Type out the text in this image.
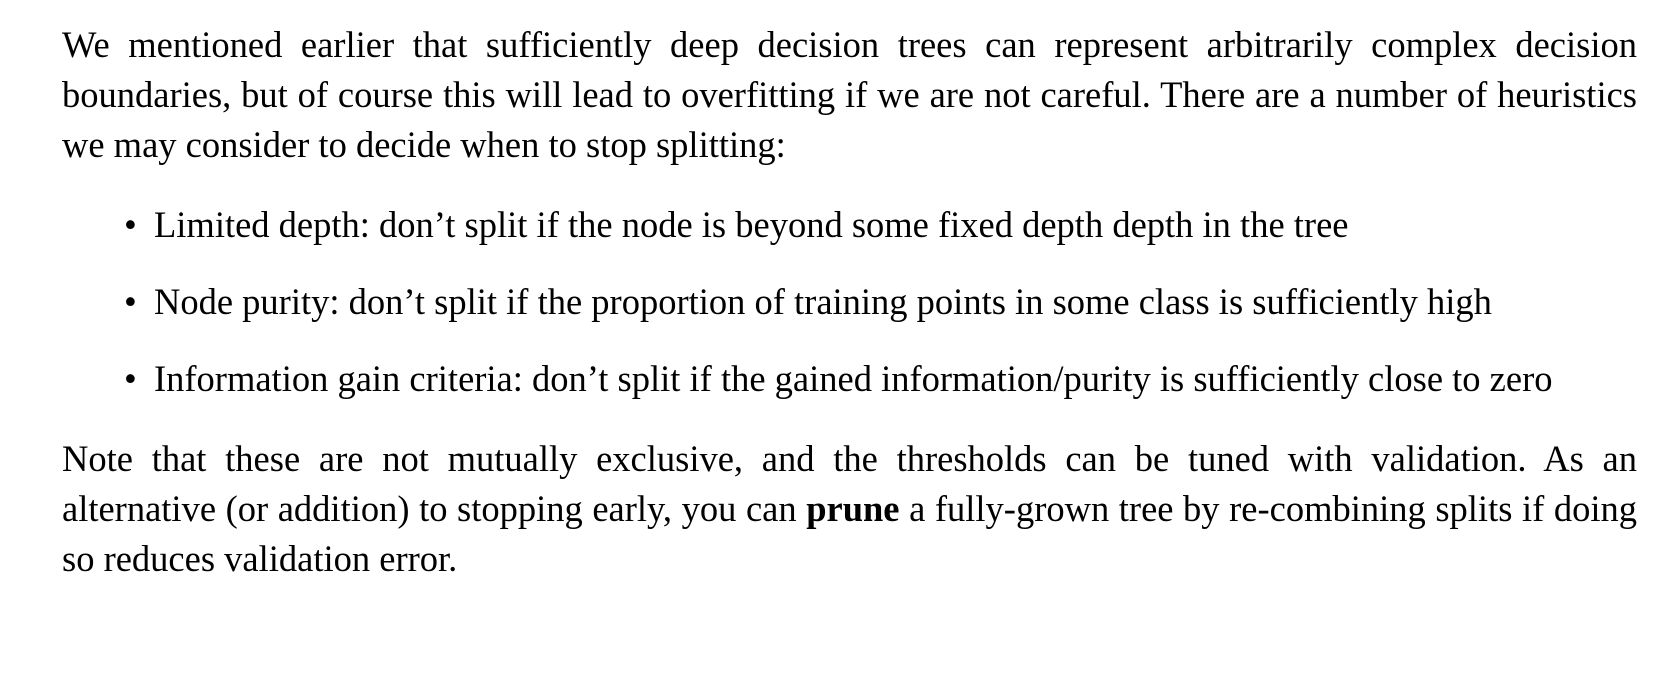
We mentioned earlier that sufficiently deep decision trees can represent arbitrarily complex decision boundaries, but of course this will lead to overfitting if we are not careful. There are a number of heuristics we may consider to decide when to stop splitting:

• Limited depth: don’t split if the node is beyond some fixed depth depth in the tree
• Node purity: don’t split if the proportion of training points in some class is sufficiently high
• Information gain criteria: don’t split if the gained information/purity is sufficiently close to zero

Note that these are not mutually exclusive, and the thresholds can be tuned with validation. As an alternative (or addition) to stopping early, you can prune a fully-grown tree by re-combining splits if doing so reduces validation error.
